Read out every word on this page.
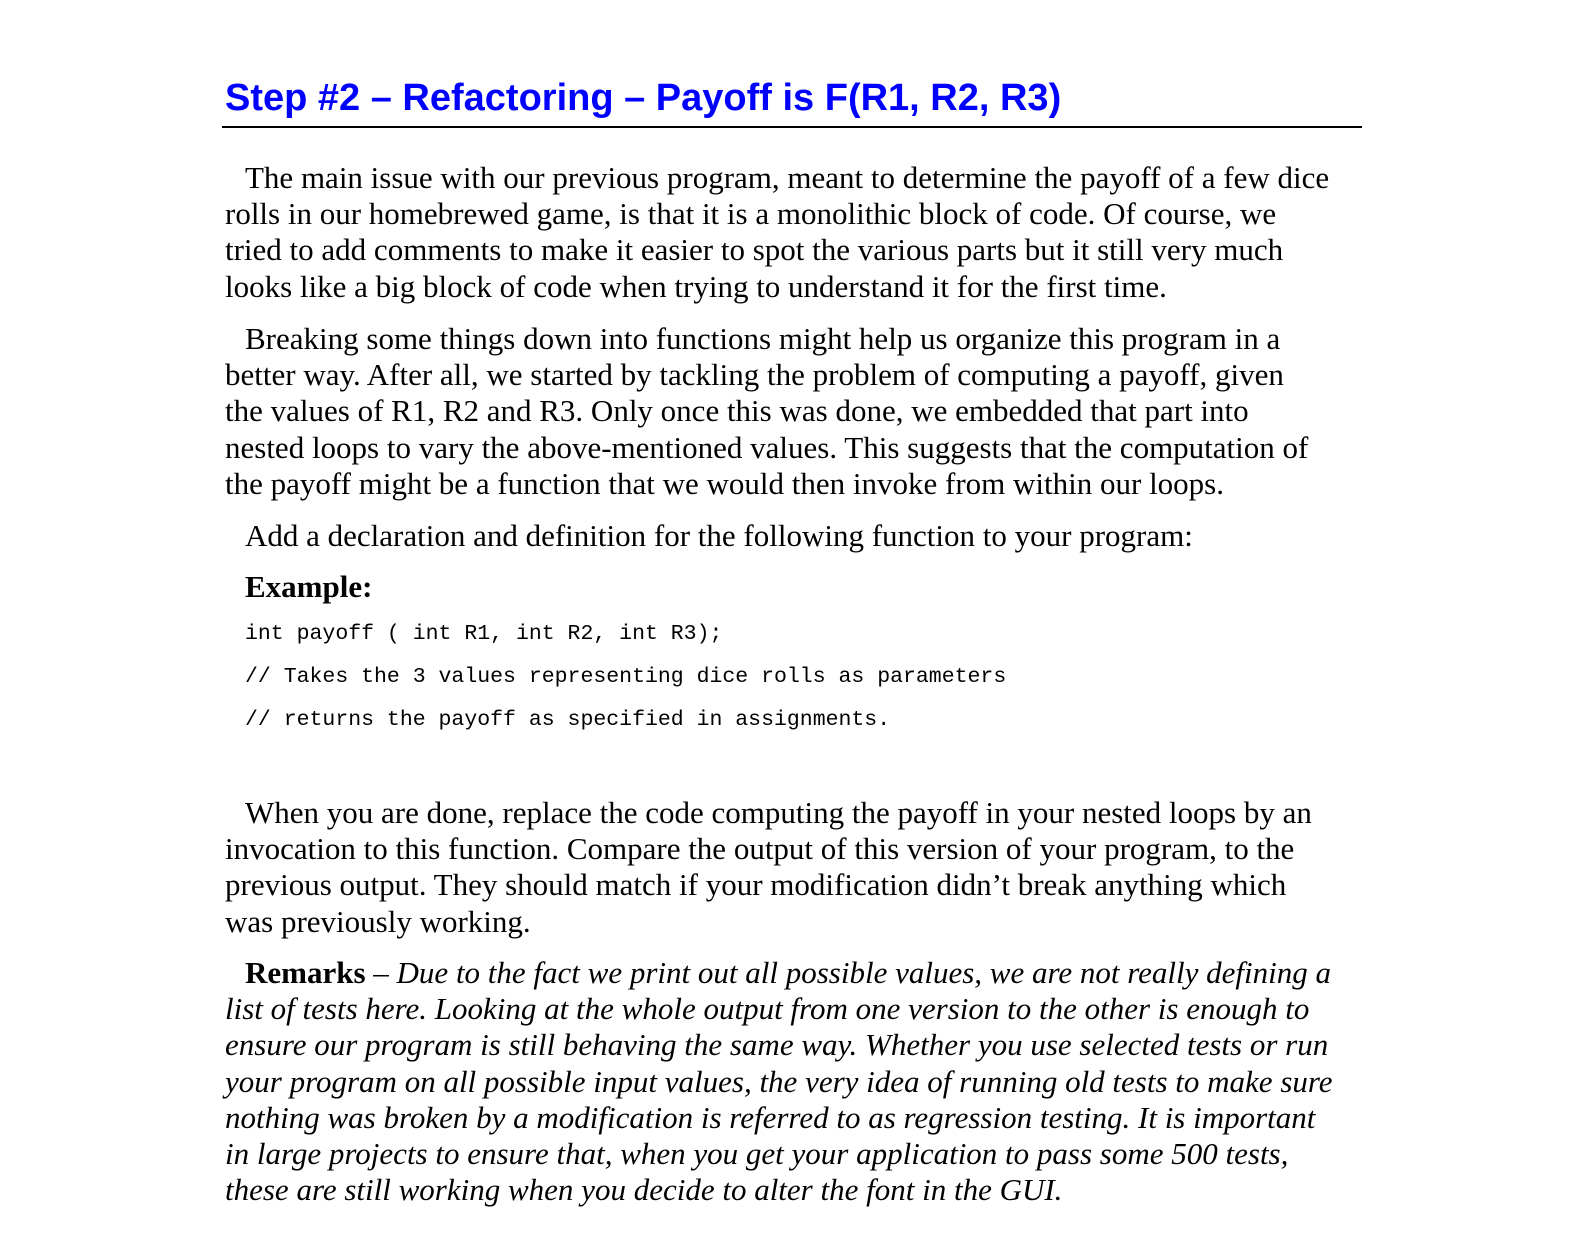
Step #2 – Refactoring – Payoff is F(R1, R2, R3)

The main issue with our previous program, meant to determine the payoff of a few dice
rolls in our homebrewed game, is that it is a monolithic block of code. Of course, we
tried to add comments to make it easier to spot the various parts but it still very much
looks like a big block of code when trying to understand it for the first time.

Breaking some things down into functions might help us organize this program in a
better way. After all, we started by tackling the problem of computing a payoff, given
the values of R1, R2 and R3. Only once this was done, we embedded that part into
nested loops to vary the above-mentioned values. This suggests that the computation of
the payoff might be a function that we would then invoke from within our loops.

Add a declaration and definition for the following function to your program:

Example:

int payoff ( int R1, int R2, int R3);

// Takes the 3 values representing dice rolls as parameters

// returns the payoff as specified in assignments.

When you are done, replace the code computing the payoff in your nested loops by an
invocation to this function. Compare the output of this version of your program, to the
previous output. They should match if your modification didn’t break anything which
was previously working.

Remarks – Due to the fact we print out all possible values, we are not really defining a
list of tests here. Looking at the whole output from one version to the other is enough to
ensure our program is still behaving the same way. Whether you use selected tests or run
your program on all possible input values, the very idea of running old tests to make sure
nothing was broken by a modification is referred to as regression testing. It is important
in large projects to ensure that, when you get your application to pass some 500 tests,
these are still working when you decide to alter the font in the GUI.
